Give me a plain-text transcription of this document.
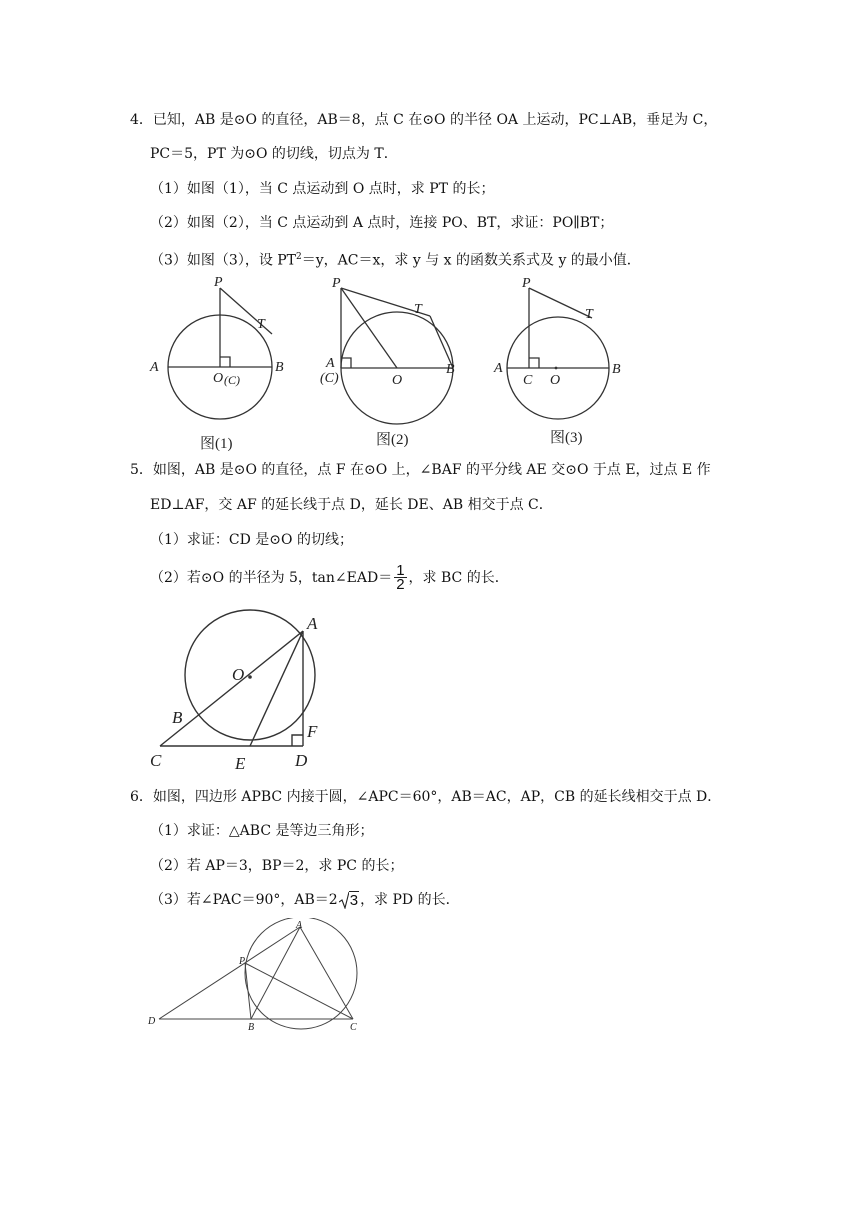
4．已知，AB 是⊙O 的直径，AB＝8，点 C 在⊙O 的半径 OA 上运动，PC⊥AB，垂足为 C，
PC＝5，PT 为⊙O 的切线，切点为 T．
（1）如图（1），当 C 点运动到 O 点时，求 PT 的长；
（2）如图（2），当 C 点运动到 A 点时，连接 PO、BT，求证：PO∥BT；
（3）如图（3），设 $PT^2=y$，AC＝x，求 y 与 x 的函数关系式及 y 的最小值．
P
T
A	B
O (C)
图(1)
P
T
A
(C)	O
B
图(2)
P
T
A
C O
B
图(3)
5．如图，AB 是⊙O 的直径，点 F 在⊙O 上，∠BAF 的平分线 AE 交⊙O 于点 E，过点 E 作
ED⊥AF，交 AF 的延长线于点 D，延长 DE、AB 相交于点 C．
（1）求证：CD 是⊙O 的切线；
（2）若⊙O 的半径为 5，tan∠EAD＝ $\frac{1}{2}$ ，求 BC 的长．
A
O
B
F
C	E	D
6．如图，四边形 APBC 内接于圆，∠APC＝60°，AB＝AC，AP，CB 的延长线相交于点 D．
（1）求证：△ABC 是等边三角形；
（2）若 AP＝3，BP＝2，求 PC 的长；
（3）若∠PAC＝90°，AB＝2 3 ，求 PD 的长．
A
P
D
B	C
